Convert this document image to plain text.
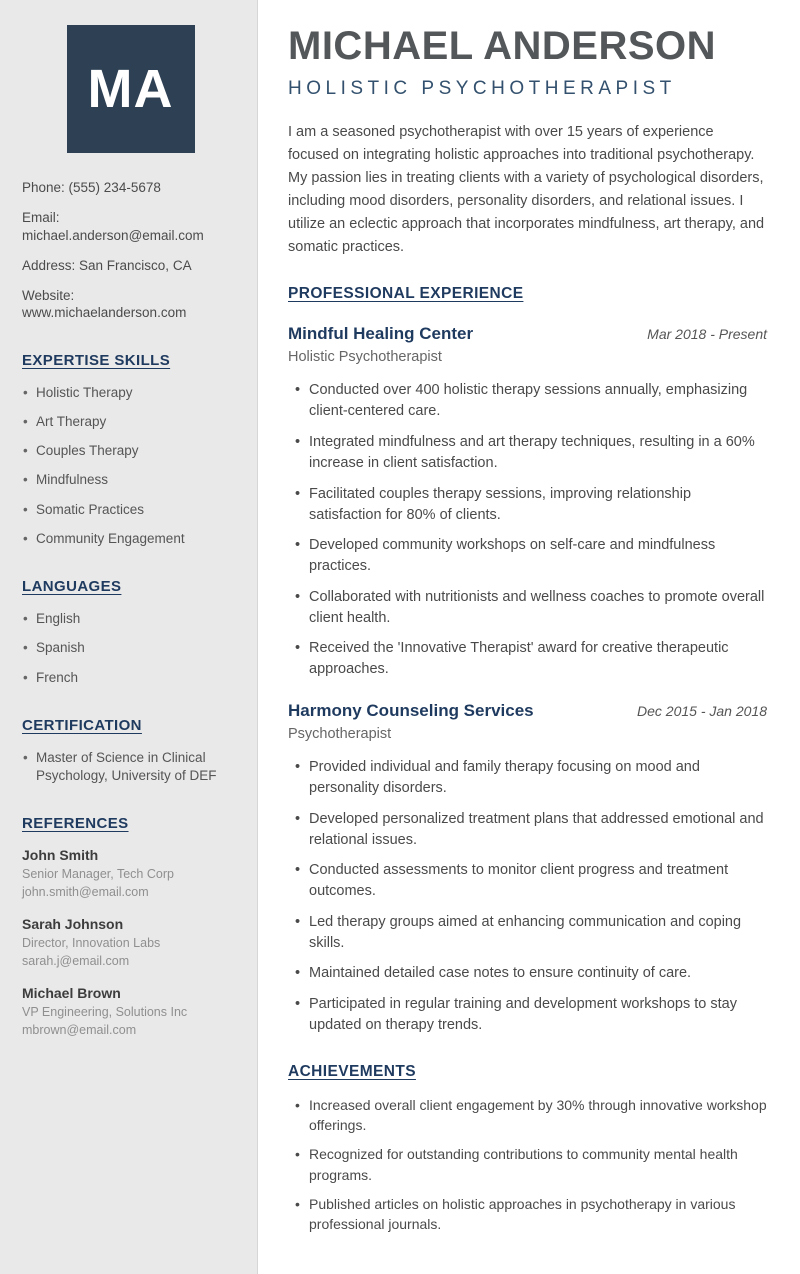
MA
Phone: (555) 234-5678
Email: michael.anderson@email.com
Address: San Francisco, CA
Website: www.michaelanderson.com
EXPERTISE SKILLS
• Holistic Therapy
• Art Therapy
• Couples Therapy
• Mindfulness
• Somatic Practices
• Community Engagement
LANGUAGES
• English
• Spanish
• French
CERTIFICATION
• Master of Science in Clinical Psychology, University of DEF
REFERENCES
John Smith
Senior Manager, Tech Corp
john.smith@email.com
Sarah Johnson
Director, Innovation Labs
sarah.j@email.com
Michael Brown
VP Engineering, Solutions Inc
mbrown@email.com
MICHAEL ANDERSON
HOLISTIC PSYCHOTHERAPIST

I am a seasoned psychotherapist with over 15 years of experience focused on integrating holistic approaches into traditional psychotherapy. My passion lies in treating clients with a variety of psychological disorders, including mood disorders, personality disorders, and relational issues. I utilize an eclectic approach that incorporates mindfulness, art therapy, and somatic practices.

PROFESSIONAL EXPERIENCE
Mindful Healing Center	Mar 2018 - Present
Holistic Psychotherapist
• Conducted over 400 holistic therapy sessions annually, emphasizing client-centered care.
• Integrated mindfulness and art therapy techniques, resulting in a 60% increase in client satisfaction.
• Facilitated couples therapy sessions, improving relationship satisfaction for 80% of clients.
• Developed community workshops on self-care and mindfulness practices.
• Collaborated with nutritionists and wellness coaches to promote overall client health.
• Received the 'Innovative Therapist' award for creative therapeutic approaches.
Harmony Counseling Services	Dec 2015 - Jan 2018
Psychotherapist
• Provided individual and family therapy focusing on mood and personality disorders.
• Developed personalized treatment plans that addressed emotional and relational issues.
• Conducted assessments to monitor client progress and treatment outcomes.
• Led therapy groups aimed at enhancing communication and coping skills.
• Maintained detailed case notes to ensure continuity of care.
• Participated in regular training and development workshops to stay updated on therapy trends.
ACHIEVEMENTS
• Increased overall client engagement by 30% through innovative workshop offerings.
• Recognized for outstanding contributions to community mental health programs.
• Published articles on holistic approaches in psychotherapy in various professional journals.
